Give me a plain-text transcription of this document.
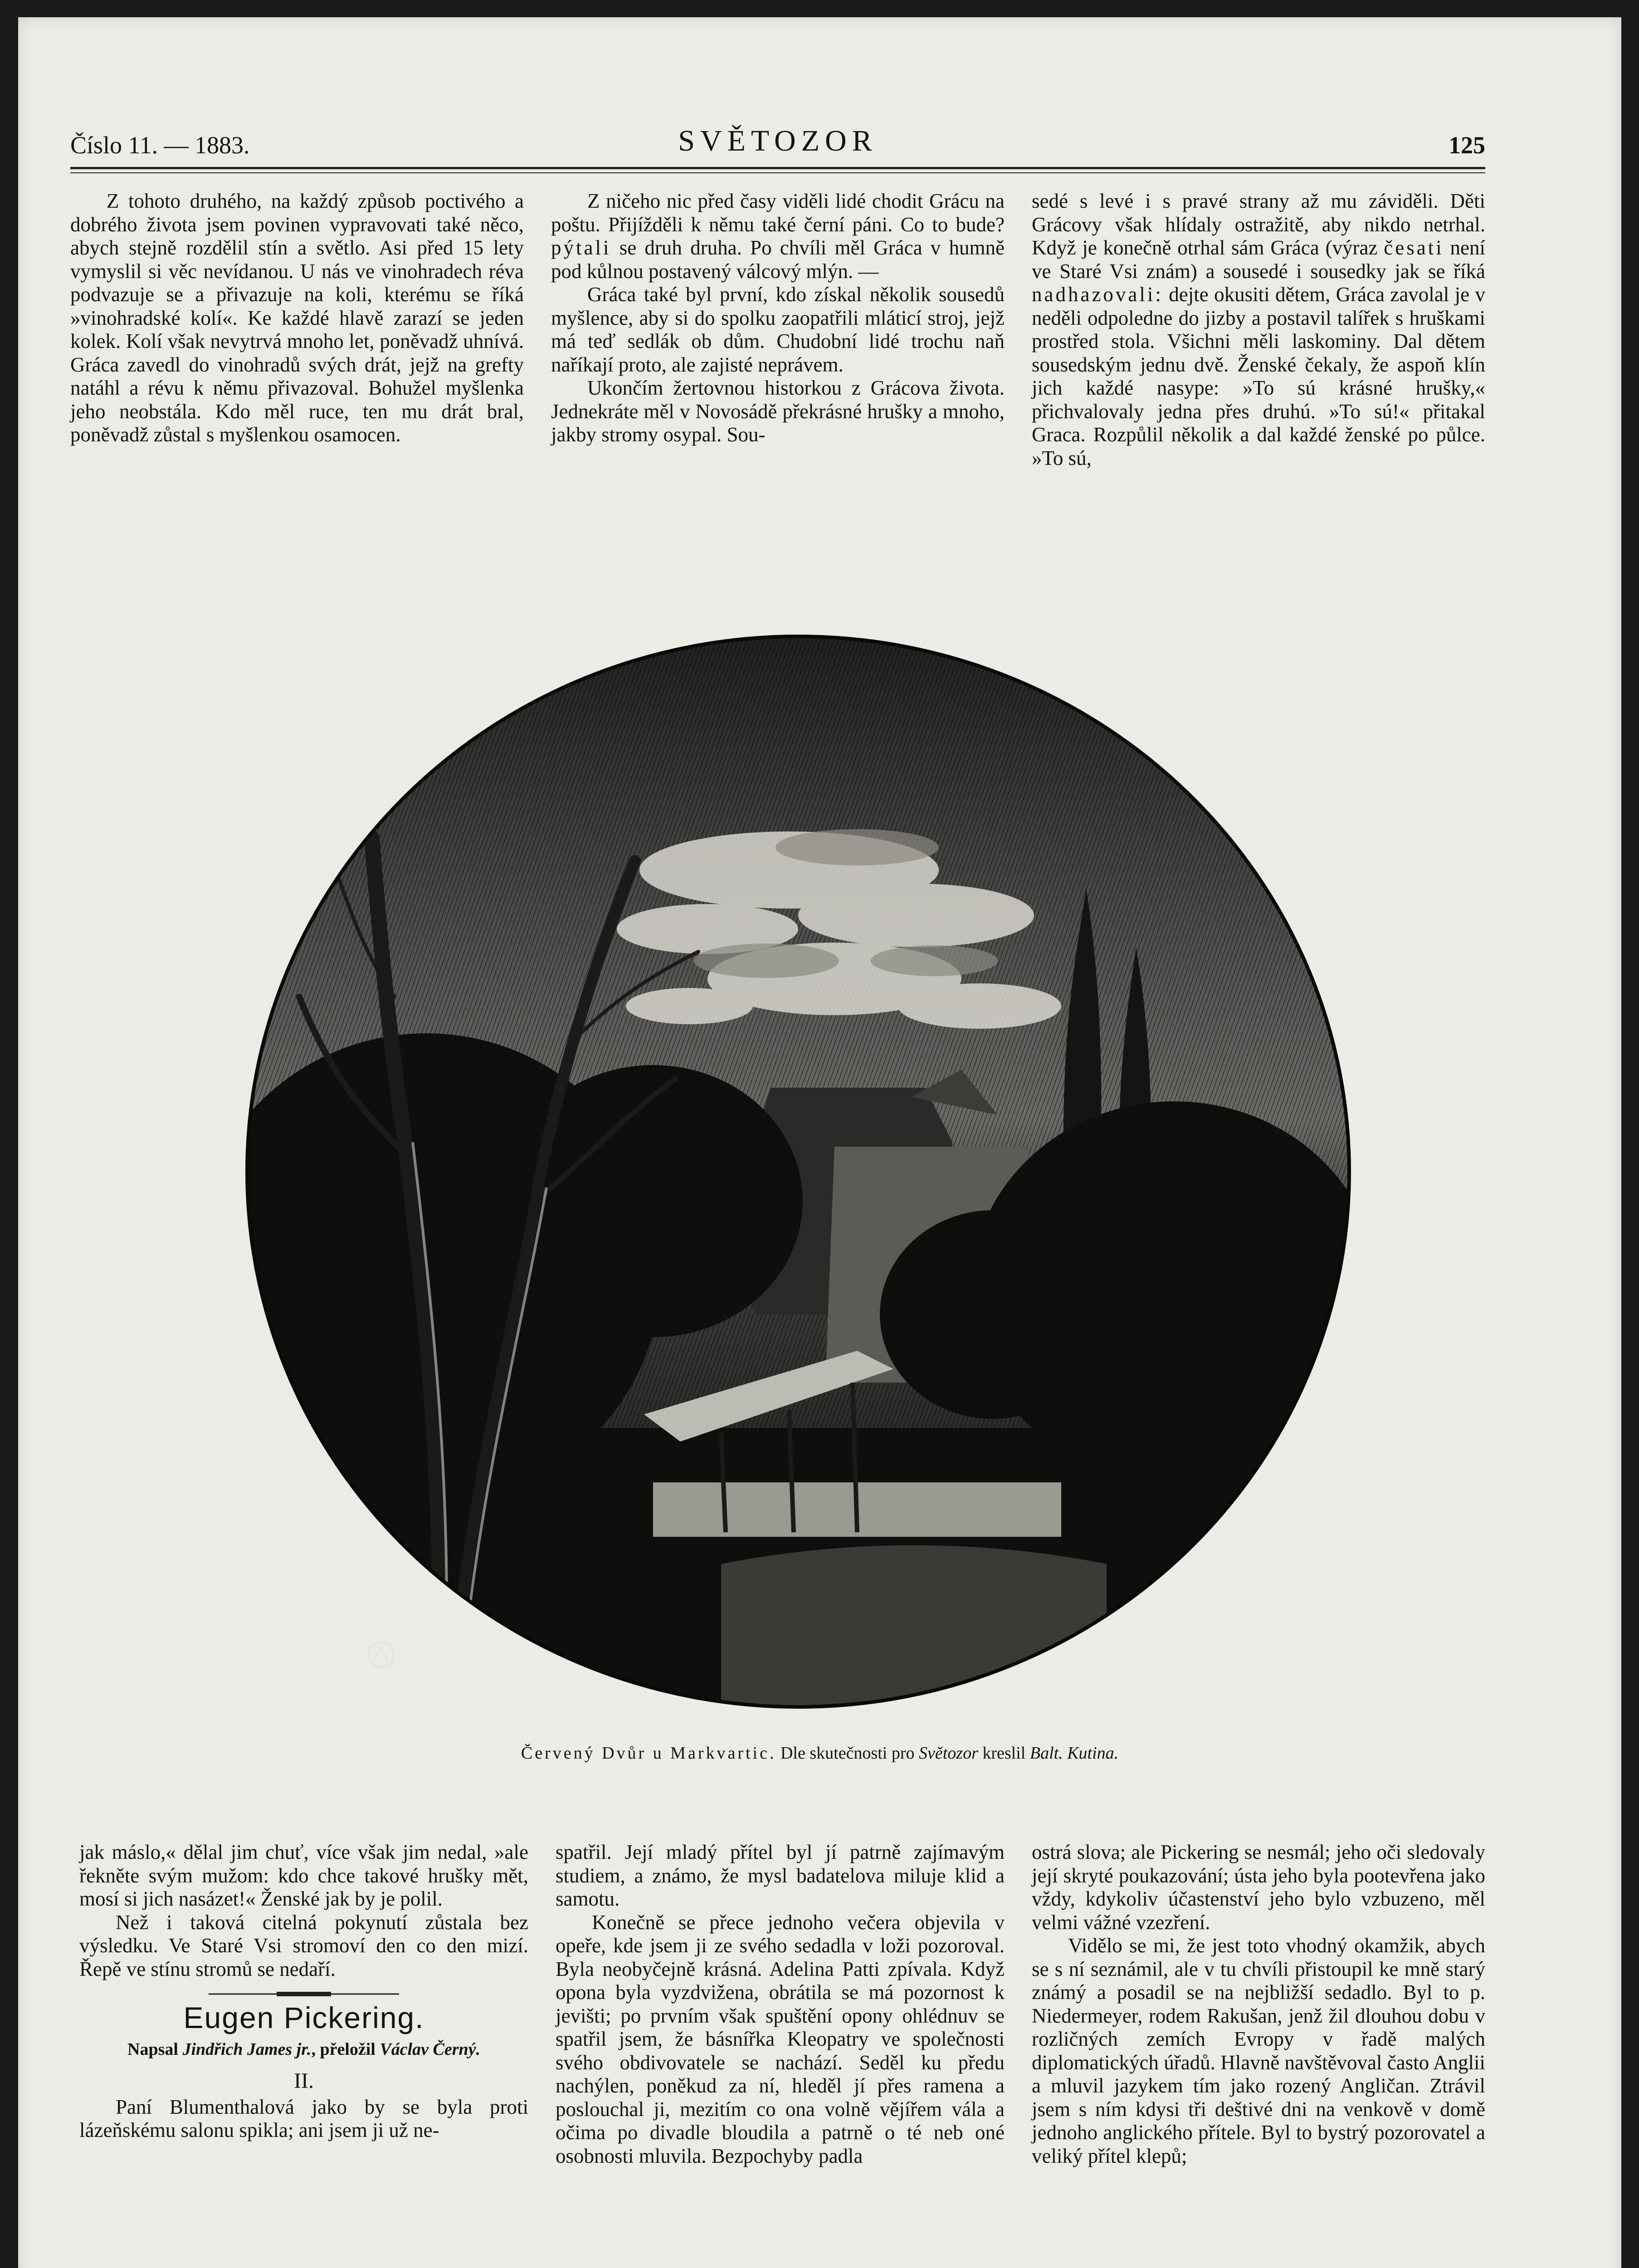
Číslo 11. — 1883.	SVĚTOZOR	125

Z tohoto druhého, na každý způsob poctivého a dobrého života jsem povinen vypravovati také něco, abych stejně rozdělil stín a světlo. Asi před 15 lety vymyslil si věc nevídanou. U nás ve vinohradech réva podvazuje se a přivazuje na koli, kterému se říká »vinohradské kolí«. Ke každé hlavě zarazí se jeden kolek. Kolí však nevytrvá mnoho let, poněvadž uhnívá. Gráca zavedl do vinohradů svých drát, jejž na grefty natáhl a révu k němu přivazoval. Bohužel myšlenka jeho neobstála. Kdo měl ruce, ten mu drát bral, poněvadž zůstal s myšlenkou osamocen.

Z ničeho nic před časy viděli lidé chodit Grácu na poštu. Přijížděli k němu také černí páni. Co to bude? pýtali se druh druha. Po chvíli měl Gráca v humně pod kůlnou postavený válcový mlýn. —

Gráca také byl první, kdo získal několik sousedů myšlence, aby si do spolku zaopatřili mláticí stroj, jejž má teď sedlák ob dům. Chudobní lidé trochu naň naříkají proto, ale zajisté neprávem.

Ukončím žertovnou historkou z Grácova života. Jednekráte měl v Novosádě překrásné hrušky a mnoho, jakby stromy osypal. Sou-

sedé s levé i s pravé strany až mu záviděli. Děti Grácovy však hlídaly ostražitě, aby nikdo netrhal. Když je konečně otrhal sám Gráca (výraz česati není ve Staré Vsi znám) a sousedé i sousedky jak se říká nadhazovali: dejte okusiti dětem, Gráca zavolal je v neděli odpoledne do jizby a postavil talířek s hruškami prostřed stola. Všichni měli laskominy. Dal dětem sousedským jednu dvě. Ženské čekaly, že aspoň klín jich každé nasype: »To sú krásné hrušky,« přichvalovaly jedna přes druhú. »To sú!« přitakal Graca. Rozpůlil několik a dal každé ženské po půlce. »To sú,

Červený Dvůr u Markvartic. Dle skutečnosti pro Světozor kreslil Balt. Kutina.

jak máslo,« dělal jim chuť, více však jim nedal, »ale řekněte svým mužom: kdo chce takové hrušky mět, mosí si jich nasázet!« Ženské jak by je polil.

Než i taková citelná pokynutí zůstala bez výsledku. Ve Staré Vsi stromoví den co den mizí. Řepě ve stínu stromů se nedaří.

Eugen Pickering.
Napsal Jindřich James jr., přeložil Václav Černý.
II.

Paní Blumenthalová jako by se byla proti lázeňskému salonu spikla; ani jsem ji už ne-

spatřil. Její mladý přítel byl jí patrně zajímavým studiem, a známo, že mysl badatelova miluje klid a samotu.

Konečně se přece jednoho večera objevila v opeře, kde jsem ji ze svého sedadla v loži pozoroval. Byla neobyčejně krásná. Adelina Patti zpívala. Když opona byla vyzdvižena, obrátila se má pozornost k jevišti; po prvním však spuštění opony ohlédnuv se spatřil jsem, že básnířka Kleopatry ve společnosti svého obdivovatele se nachází. Seděl ku předu nachýlen, poněkud za ní, hleděl jí přes ramena a poslouchal ji, mezitím co ona volně vějířem vála a očima po divadle bloudila a patrně o té neb oné osobnosti mluvila. Bezpochyby padla

ostrá slova; ale Pickering se nesmál; jeho oči sledovaly její skryté poukazování; ústa jeho byla pootevřena jako vždy, kdykoliv účastenství jeho bylo vzbuzeno, měl velmi vážné vzezření.

Vidělo se mi, že jest toto vhodný okamžik, abych se s ní seznámil, ale v tu chvíli přistoupil ke mně starý známý a posadil se na nejbližší sedadlo. Byl to p. Niedermeyer, rodem Rakušan, jenž žil dlouhou dobu v rozličných zemích Evropy v řadě malých diplomatických úřadů. Hlavně navštěvoval často Anglii a mluvil jazykem tím jako rozený Angličan. Ztrávil jsem s ním kdysi tři deštivé dni na venkově v domě jednoho anglického přítele. Byl to bystrý pozorovatel a veliký přítel klepů;
